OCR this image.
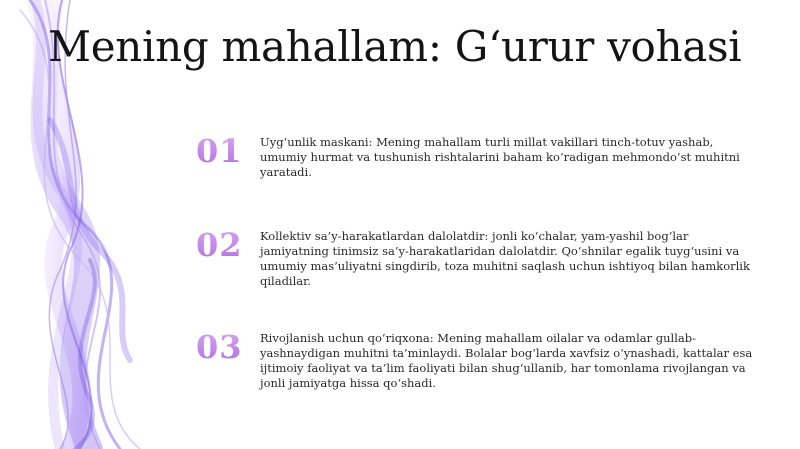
Mening mahallam: G‘urur vohasi
01	Uyg‘unlik maskani: Mening mahallam turli millat vakillari tinch-totuv yashab, umumiy hurmat va tushunish rishtalarini baham ko‘radigan mehmondo‘st muhitni yaratadi.
02	Kollektiv sa’y-harakatlardan dalolatdir: jonli ko‘chalar, yam-yashil bog‘lar jamiyatning tinimsiz sa’y-harakatlaridan dalolatdir. Qo‘shnilar egalik tuyg‘usini va umumiy mas’uliyatni singdirib, toza muhitni saqlash uchun ishtiyoq bilan hamkorlik qiladilar.
03	Rivojlanish uchun qo‘riqxona: Mening mahallam oilalar va odamlar gullab-yashnaydigan muhitni ta’minlaydi. Bolalar bog‘larda xavfsiz o‘ynashadi, kattalar esa ijtimoiy faoliyat va ta’lim faoliyati bilan shug‘ullanib, har tomonlama rivojlangan va jonli jamiyatga hissa qo‘shadi.
